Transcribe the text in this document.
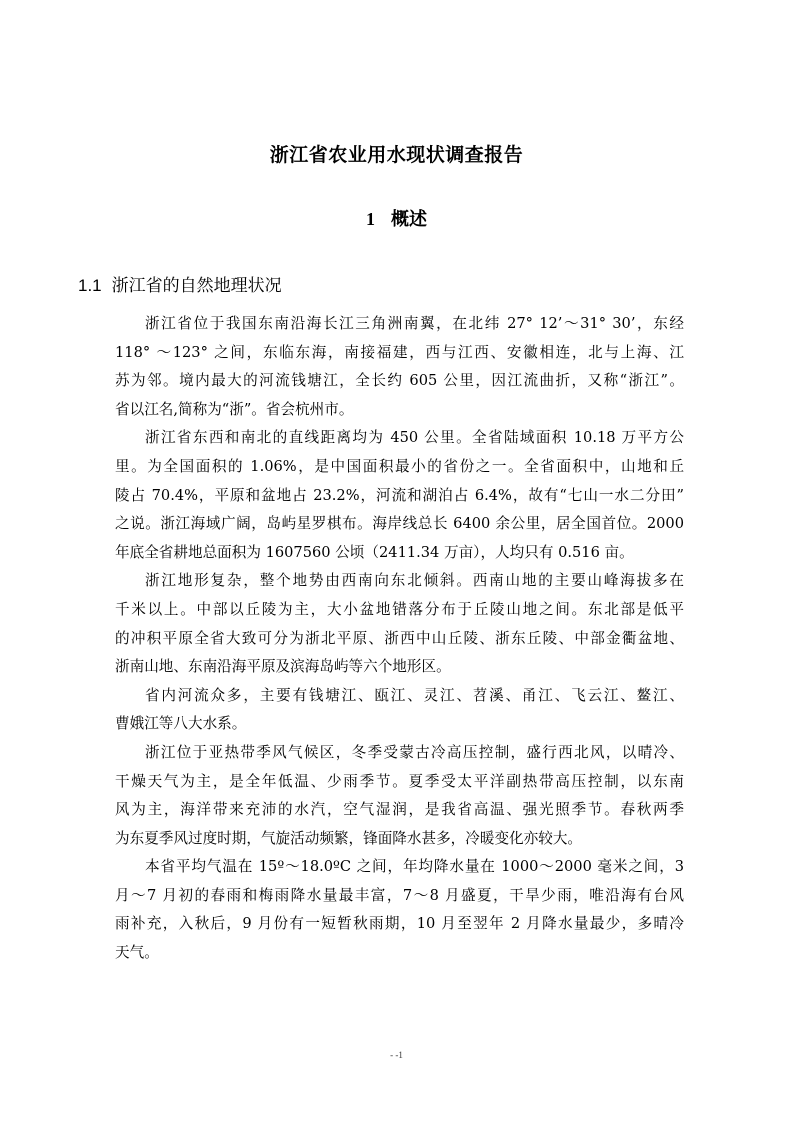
浙江省农业用水现状调查报告
1 概述
1.1 浙江省的自然地理状况
浙江省位于我国东南沿海长江三角洲南翼，在北纬 27° 12’～31° 30’，东经
118° ～123° 之间，东临东海，南接福建，西与江西、安徽相连，北与上海、江
苏为邻。境内最大的河流钱塘江，全长约 605 公里，因江流曲折，又称“浙江”。
省以江名,简称为“浙”。省会杭州市。
浙江省东西和南北的直线距离均为 450 公里。全省陆域面积 10.18 万平方公
里。为全国面积的 1.06%，是中国面积最小的省份之一。全省面积中，山地和丘
陵占 70.4%，平原和盆地占 23.2%，河流和湖泊占 6.4%，故有“七山一水二分田”
之说。浙江海域广阔，岛屿星罗棋布。海岸线总长 6400 余公里，居全国首位。2000
年底全省耕地总面积为 1607560 公顷（2411.34 万亩），人均只有 0.516 亩。
浙江地形复杂，整个地势由西南向东北倾斜。西南山地的主要山峰海拔多在
千米以上。中部以丘陵为主，大小盆地错落分布于丘陵山地之间。东北部是低平
的冲积平原全省大致可分为浙北平原、浙西中山丘陵、浙东丘陵、中部金衢盆地、
浙南山地、东南沿海平原及滨海岛屿等六个地形区。
省内河流众多，主要有钱塘江、瓯江、灵江、苕溪、甬江、飞云江、鳌江、
曹娥江等八大水系。
浙江位于亚热带季风气候区，冬季受蒙古冷高压控制，盛行西北风，以晴冷、
干燥天气为主，是全年低温、少雨季节。夏季受太平洋副热带高压控制，以东南
风为主，海洋带来充沛的水汽，空气湿润，是我省高温、强光照季节。春秋两季
为东夏季风过度时期，气旋活动频繁，锋面降水甚多，冷暖变化亦较大。
本省平均气温在 15º～18.0ºC 之间，年均降水量在 1000～2000 毫米之间，3
月～7 月初的春雨和梅雨降水量最丰富，7～8 月盛夏，干旱少雨，唯沿海有台风
雨补充，入秋后，9 月份有一短暂秋雨期，10 月至翌年 2 月降水量最少，多晴冷
天气。
- -1
